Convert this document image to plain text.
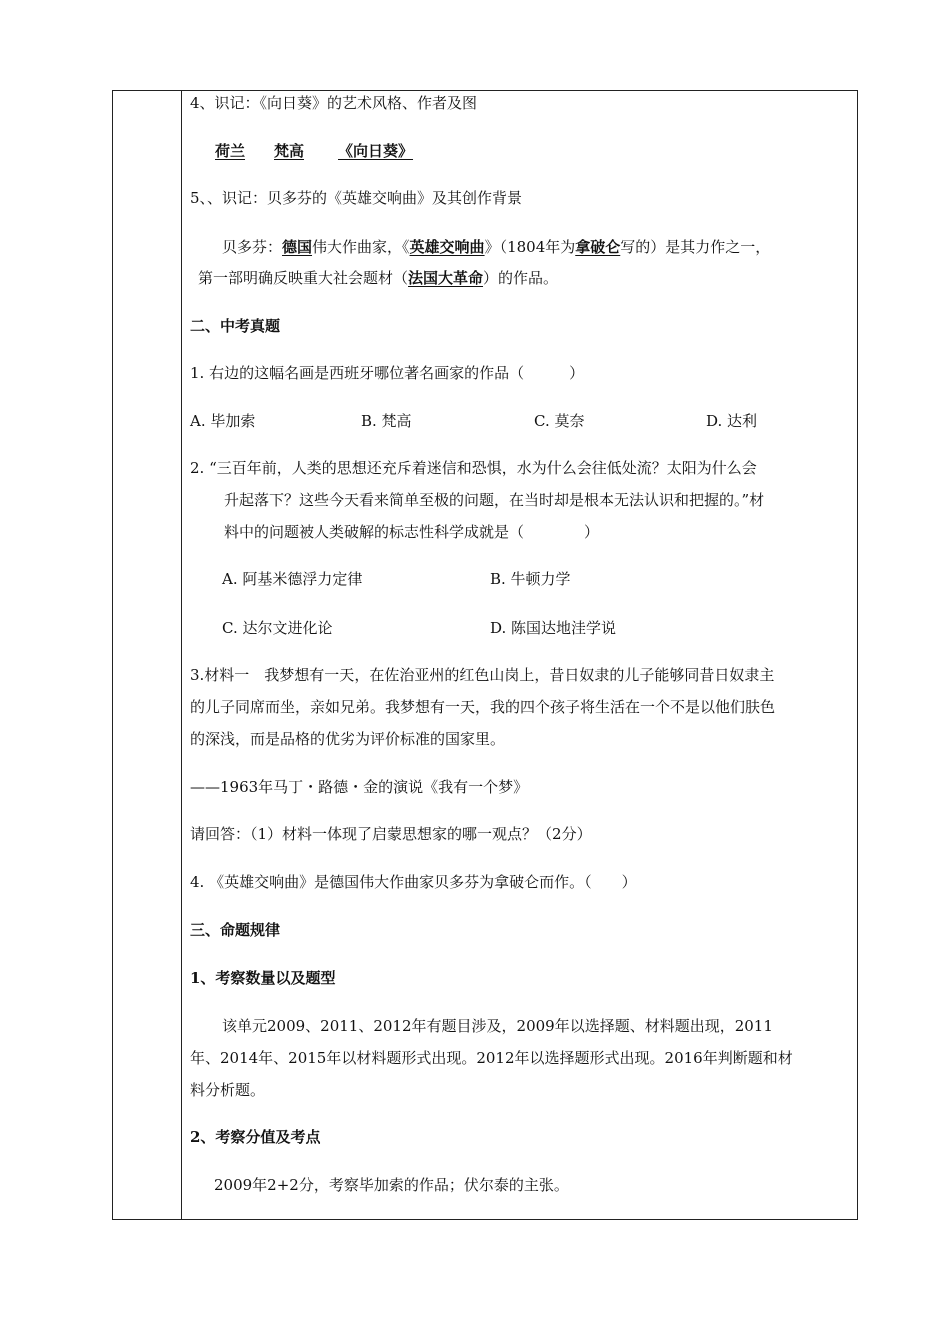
4、识记：《向日葵》的艺术风格、作者及图
荷兰 梵高	《向日葵》
5、、识记：贝多芬的《英雄交响曲》及其创作背景
贝多芬：德国伟大作曲家，《英雄交响曲》（1804年为拿破仑写的）是其力作之一，
第一部明确反映重大社会题材（法国大革命）的作品。
二、中考真题
1. 右边的这幅名画是西班牙哪位著名画家的作品（　　　）
A. 毕加索	B. 梵高	C. 莫奈	D. 达利
2. “三百年前，人类的思想还充斥着迷信和恐惧，水为什么会往低处流？太阳为什么会
升起落下？这些今天看来简单至极的问题，在当时却是根本无法认识和把握的。”材
料中的问题被人类破解的标志性科学成就是（　　　　）
A. 阿基米德浮力定律	B. 牛顿力学
C. 达尔文进化论	D. 陈国达地洼学说
3.材料一　我梦想有一天，在佐治亚州的红色山岗上，昔日奴隶的儿子能够同昔日奴隶主
的儿子同席而坐，亲如兄弟。我梦想有一天，我的四个孩子将生活在一个不是以他们肤色
的深浅，而是品格的优劣为评价标准的国家里。
——1963年马丁・路德・金的演说《我有一个梦》
请回答：（1）材料一体现了启蒙思想家的哪一观点？（2分）
4. 《英雄交响曲》是德国伟大作曲家贝多芬为拿破仑而作。（　　）
三、命题规律
1、考察数量以及题型
该单元2009、2011、2012年有题目涉及，2009年以选择题、材料题出现，2011
年、2014年、2015年以材料题形式出现。2012年以选择题形式出现。2016年判断题和材
料分析题。
2、考察分值及考点
2009年2+2分，考察毕加索的作品；伏尔泰的主张。
